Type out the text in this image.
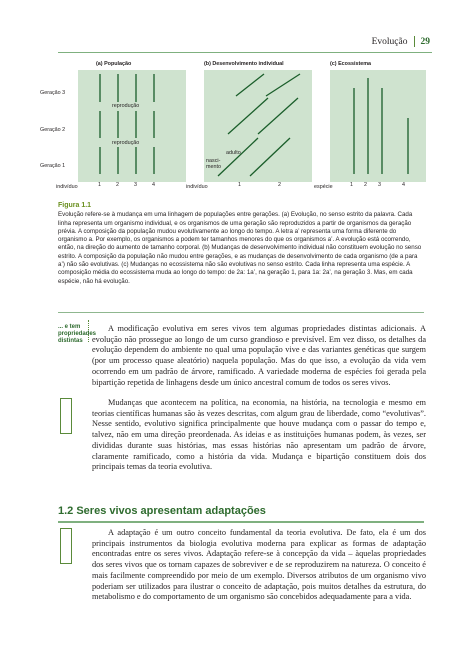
Evolução 29
Geração 3
Geração 2
Geração 1
(a) População	(b) Desenvolvimento individual	(c) Ecossistema
reprodução
reprodução
adulto
nasci-
mento
indivíduo	indivíduo	espécie
1	2	3	4	1	2	1 2 3	4
Figura 1.1
Evolução refere-se à mudança em uma linhagem de populações entre gerações. (a) Evolução, no senso estrito da palavra. Cada linha representa um organismo individual, e os organismos de uma geração são reproduzidos a partir de organismos da geração prévia. A composição da população mudou evolutivamente ao longo do tempo. A letra a’ representa uma forma diferente do organismo a. Por exemplo, os organismos a podem ter tamanhos menores do que os organismos a’. A evolução está ocorrendo, então, na direção do aumento de tamanho corporal. (b) Mudanças de desenvolvimento individual não constituem evolução no senso estrito. A composição da população não mudou entre gerações, e as mudanças de desenvolvimento de cada organismo (de a para a’) não são evolutivas. (c) Mudanças no ecossistema não são evolutivas no senso estrito. Cada linha representa uma espécie. A composição média do ecossistema muda ao longo do tempo: de 2a: 1a’, na geração 1, para 1a: 2a’, na geração 3. Mas, em cada espécie, não há evolução.
... e tem propriedades distintas

A modificação evolutiva em seres vivos tem algumas propriedades distintas adicionais. A evolução não prossegue ao longo de um curso grandioso e previsível. Em vez disso, os detalhes da evolução dependem do ambiente no qual uma população vive e das variantes genéticas que surgem (por um processo quase aleatório) naquela população. Mas do que isso, a evolução da vida vem ocorrendo em um padrão de árvore, ramificado. A variedade moderna de espécies foi gerada pela bipartição repetida de linhagens desde um único ancestral comum de todos os seres vivos.

Mudanças que acontecem na política, na economia, na história, na tecnologia e mesmo em teorias científicas humanas são às vezes descritas, com algum grau de liberdade, como “evolutivas”. Nesse sentido, evolutivo significa principalmente que houve mudança com o passar do tempo e, talvez, não em uma direção preordenada. As ideias e as instituições humanas podem, às vezes, ser divididas durante suas histórias, mas essas histórias não apresentam um padrão de árvore, claramente ramificado, como a história da vida. Mudança e bipartição constituem dois dos principais temas da teoria evolutiva.

1.2 Seres vivos apresentam adaptações

A adaptação é um outro conceito fundamental da teoria evolutiva. De fato, ela é um dos principais instrumentos da biologia evolutiva moderna para explicar as formas de adaptação encontradas entre os seres vivos. Adaptação refere-se à concepção da vida – àquelas propriedades dos seres vivos que os tornam capazes de sobreviver e de se reproduzirem na natureza. O conceito é mais facilmente compreendido por meio de um exemplo. Diversos atributos de um organismo vivo poderiam ser utilizados para ilustrar o conceito de adaptação, pois muitos detalhes da estrutura, do metabolismo e do comportamento de um organismo são concebidos adequadamente para a vida.
